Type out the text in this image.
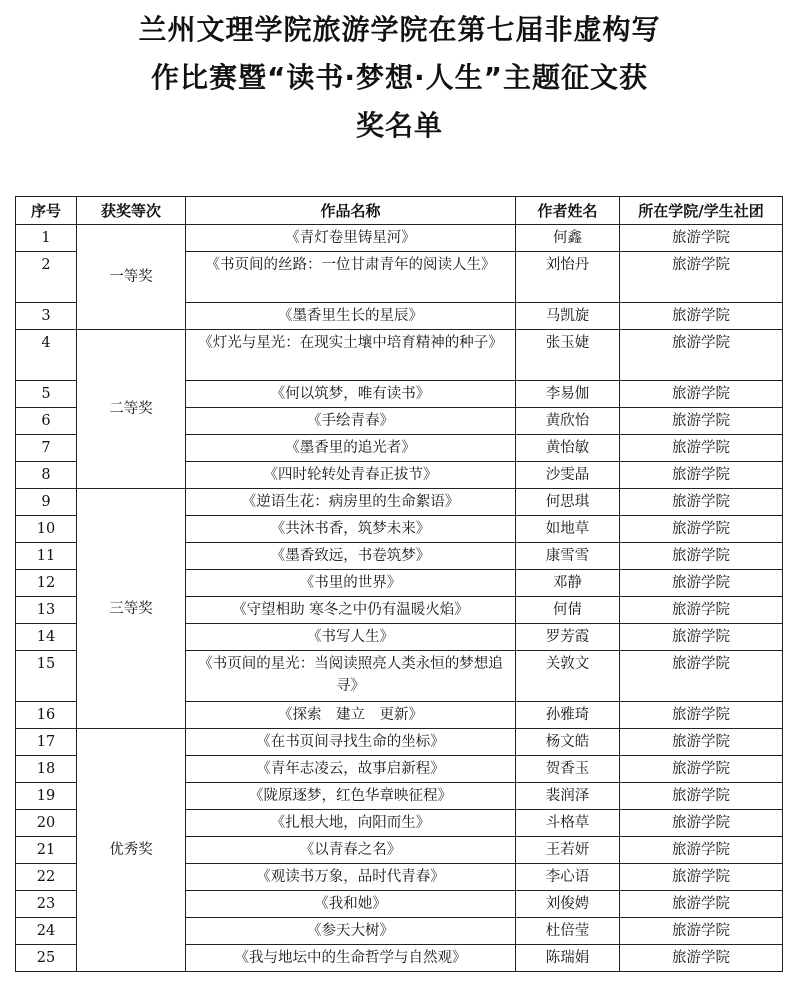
兰州文理学院旅游学院在第七届非虚构写
作比赛暨“读书·梦想·人生”主题征文获
奖名单
序号	获奖等次	作品名称	作者姓名	所在学院/学生社团
1	一等奖	《青灯卷里铸星河》	何鑫	旅游学院
2		《书页间的丝路：一位甘肃青年的阅读人生》	刘怡丹	旅游学院
3		《墨香里生长的星辰》	马凯旋	旅游学院
4	二等奖	《灯光与星光：在现实土壤中培育精神的种子》	张玉婕	旅游学院
5		《何以筑梦，唯有读书》	李易伽	旅游学院
6		《手绘青春》	黄欣怡	旅游学院
7		《墨香里的追光者》	黄怡敏	旅游学院
8		《四时轮转处青春正拔节》	沙雯晶	旅游学院
9	三等奖	《逆语生花：病房里的生命絮语》	何思琪	旅游学院
10		《共沐书香，筑梦未来》	如地草	旅游学院
11		《墨香致远，书卷筑梦》	康雪雪	旅游学院
12		《书里的世界》	邓静	旅游学院
13		《守望相助 寒冬之中仍有温暖火焰》	何倩	旅游学院
14		《书写人生》	罗芳霞	旅游学院
15		《书页间的星光：当阅读照亮人类永恒的梦想追寻》	关敦文	旅游学院
16		《探索　建立　更新》	孙雅琦	旅游学院
17	优秀奖	《在书页间寻找生命的坐标》	杨文皓	旅游学院
18		《青年志凌云，故事启新程》	贺香玉	旅游学院
19		《陇原逐梦，红色华章映征程》	裴润泽	旅游学院
20		《扎根大地，向阳而生》	斗格草	旅游学院
21		《以青春之名》	王若妍	旅游学院
22		《观读书万象，品时代青春》	李心语	旅游学院
23		《我和她》	刘俊娉	旅游学院
24		《参天大树》	杜倍莹	旅游学院
25		《我与地坛中的生命哲学与自然观》	陈瑞娟	旅游学院
